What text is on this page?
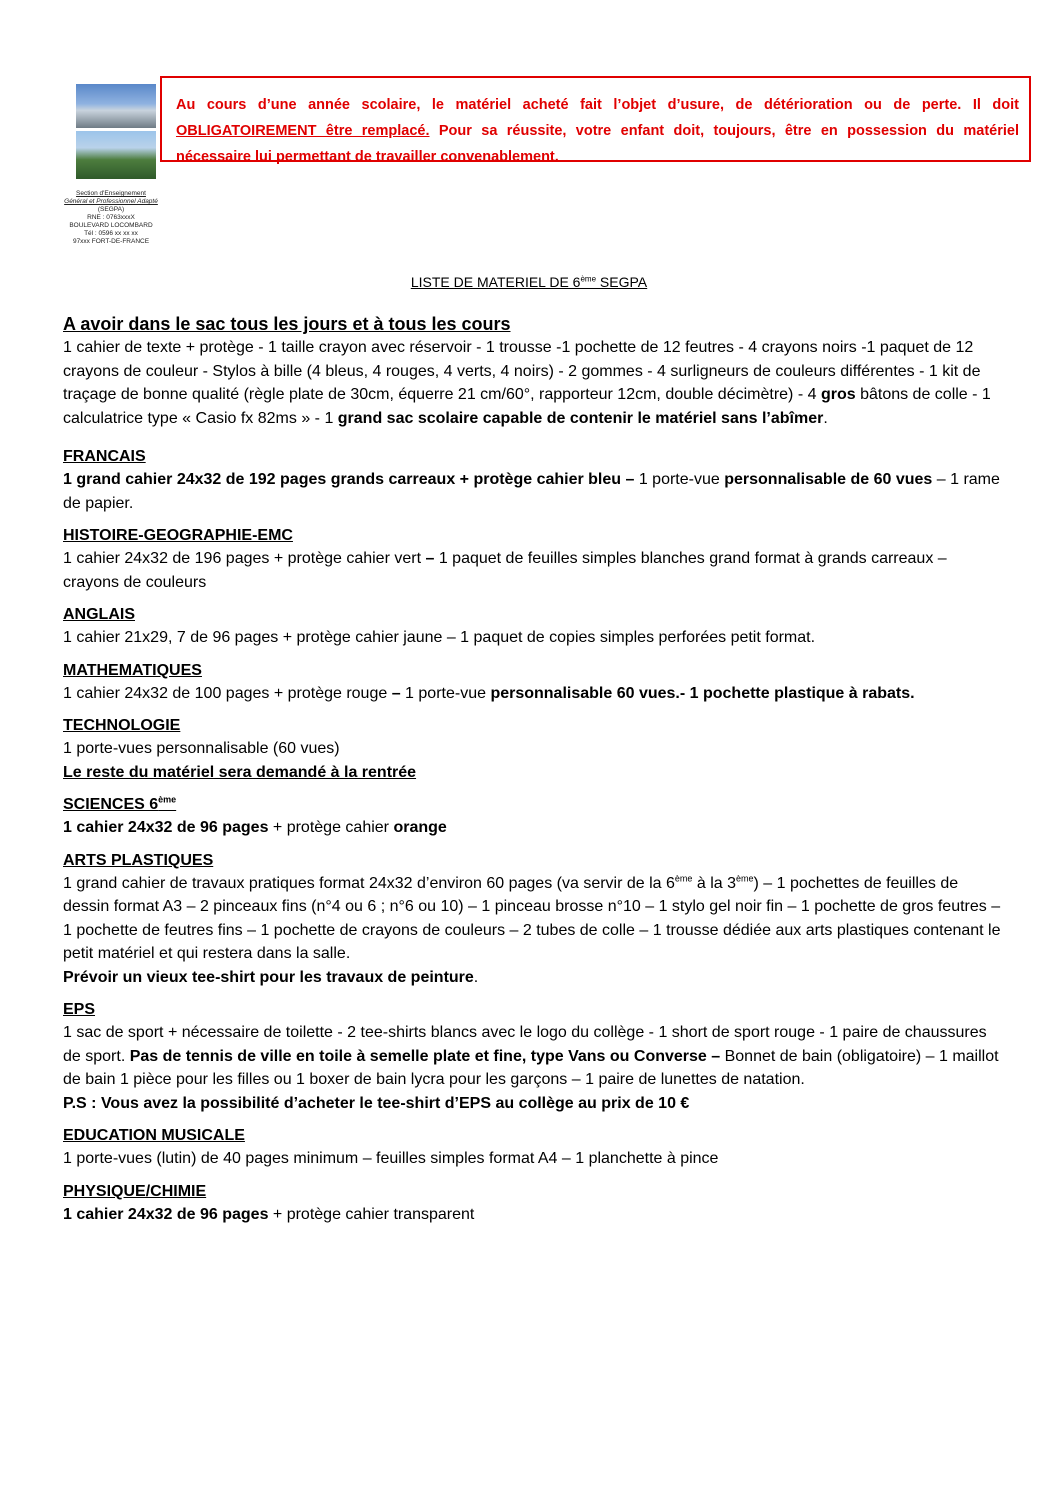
Section d'Enseignement
Général et Professionnel Adapté
(SEGPA)
RNE : 0763xxxX
BOULEVARD LOCOMBARD
Tél : 0596 xx xx xx
97xxx FORT-DE-FRANCE
Au cours d’une année scolaire, le matériel acheté fait l’objet d’usure, de détérioration ou de perte. Il doit OBLIGATOIREMENT être remplacé. Pour sa réussite, votre enfant doit, toujours, être en possession du matériel nécessaire lui permettant de travailler convenablement.
LISTE DE MATERIEL DE 6ème SEGPA
A avoir dans le sac tous les jours et à tous les cours

1 cahier de texte + protège - 1 taille crayon avec réservoir - 1 trousse -1 pochette de 12 feutres - 4 crayons noirs -1 paquet de 12 crayons de couleur - Stylos à bille (4 bleus, 4 rouges, 4 verts, 4 noirs) - 2 gommes - 4 surligneurs de couleurs différentes - 1 kit de traçage de bonne qualité (règle plate de 30cm, équerre 21 cm/60°, rapporteur 12cm, double décimètre) - 4 gros bâtons de colle - 1 calculatrice type « Casio fx 82ms » - 1 grand sac scolaire capable de contenir le matériel sans l’abîmer.

FRANCAIS

1 grand cahier 24x32 de 192 pages grands carreaux + protège cahier bleu – 1 porte-vue personnalisable de 60 vues – 1 rame de papier.

HISTOIRE-GEOGRAPHIE-EMC

1 cahier 24x32 de 196 pages + protège cahier vert – 1 paquet de feuilles simples blanches grand format à grands carreaux – crayons de couleurs

ANGLAIS

1 cahier 21x29, 7 de 96 pages + protège cahier jaune – 1 paquet de copies simples perforées petit format.

MATHEMATIQUES

1 cahier 24x32 de 100 pages + protège rouge – 1 porte-vue personnalisable 60 vues.- 1 pochette plastique à rabats.

TECHNOLOGIE

1 porte-vues personnalisable (60 vues)

Le reste du matériel sera demandé à la rentrée

SCIENCES 6ème

1 cahier 24x32 de 96 pages + protège cahier orange

ARTS PLASTIQUES

1 grand cahier de travaux pratiques format 24x32 d’environ 60 pages (va servir de la 6ème à la 3ème) – 1 pochettes de feuilles de dessin format A3 – 2 pinceaux fins (n°4 ou 6 ; n°6 ou 10) – 1 pinceau brosse n°10 – 1 stylo gel noir fin – 1 pochette de gros feutres – 1 pochette de feutres fins – 1 pochette de crayons de couleurs – 2 tubes de colle – 1 trousse dédiée aux arts plastiques contenant le petit matériel et qui restera dans la salle.

Prévoir un vieux tee-shirt pour les travaux de peinture.

EPS

1 sac de sport + nécessaire de toilette - 2 tee-shirts blancs avec le logo du collège - 1 short de sport rouge - 1 paire de chaussures de sport. Pas de tennis de ville en toile à semelle plate et fine, type Vans ou Converse – Bonnet de bain (obligatoire) – 1 maillot de bain 1 pièce pour les filles ou 1 boxer de bain lycra pour les garçons – 1 paire de lunettes de natation.

P.S : Vous avez la possibilité d’acheter le tee-shirt d’EPS au collège au prix de 10 €

EDUCATION MUSICALE

1 porte-vues (lutin) de 40 pages minimum – feuilles simples format A4 – 1 planchette à pince

PHYSIQUE/CHIMIE

1 cahier 24x32 de 96 pages + protège cahier transparent
